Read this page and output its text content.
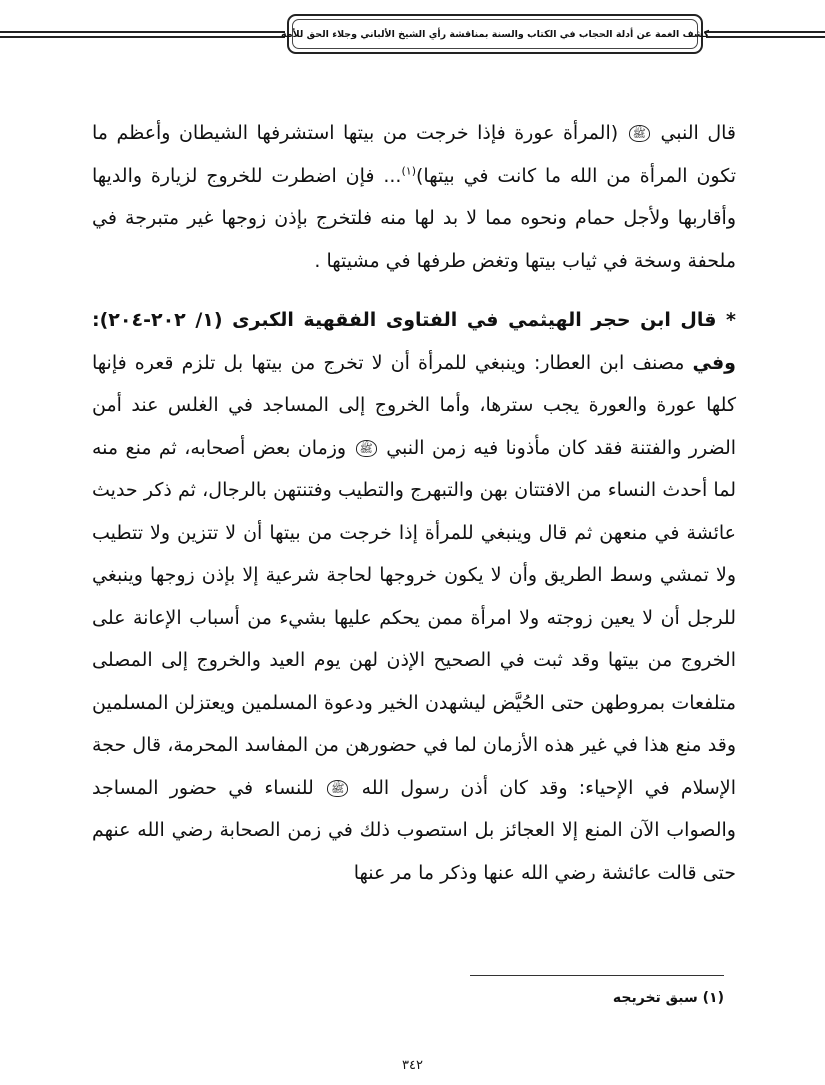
كشف الغمة عن أدلة الحجاب في الكتاب والسنة بمناقشة رأي الشيخ الألباني وجلاء الحق للأمة

قال النبي ﷺ (المرأة عورة فإذا خرجت من بيتها استشرفها الشيطان وأعظم ما تكون المرأة من الله ما كانت في بيتها)$^{(١)}$... فإن اضطرت للخروج لزيارة والديها وأقاربها ولأجل حمام ونحوه مما لا بد لها منه فلتخرج بإذن زوجها غير متبرجة في ملحفة وسخة في ثياب بيتها وتغض طرفها في مشيتها .

* قال ابن حجر الهيثمي في الفتاوى الفقهية الكبرى (١/ ٢٠٢-٢٠٤): وفي مصنف ابن العطار: وينبغي للمرأة أن لا تخرج من بيتها بل تلزم قعره فإنها كلها عورة والعورة يجب سترها، وأما الخروج إلى المساجد في الغلس عند أمن الضرر والفتنة فقد كان مأذونا فيه زمن النبي ﷺ وزمان بعض أصحابه، ثم منع منه لما أحدث النساء من الافتتان بهن والتبهرج والتطيب وفتنتهن بالرجال، ثم ذكر حديث عائشة في منعهن ثم قال وينبغي للمرأة إذا خرجت من بيتها أن لا تتزين ولا تتطيب ولا تمشي وسط الطريق وأن لا يكون خروجها لحاجة شرعية إلا بإذن زوجها وينبغي للرجل أن لا يعين زوجته ولا امرأة ممن يحكم عليها بشيء من أسباب الإعانة على الخروج من بيتها وقد ثبت في الصحيح الإذن لهن يوم العيد والخروج إلى المصلى متلفعات بمروطهن حتى الحُيَّض ليشهدن الخير ودعوة المسلمين ويعتزلن المسلمين وقد منع هذا في غير هذه الأزمان لما في حضورهن من المفاسد المحرمة، قال حجة الإسلام في الإحياء: وقد كان أذن رسول الله ﷺ للنساء في حضور المساجد والصواب الآن المنع إلا العجائز بل استصوب ذلك في زمن الصحابة رضي الله عنهم حتى قالت عائشة رضي الله عنها وذكر ما مر عنها

(١) سبق تخريجه
٣٤٢
